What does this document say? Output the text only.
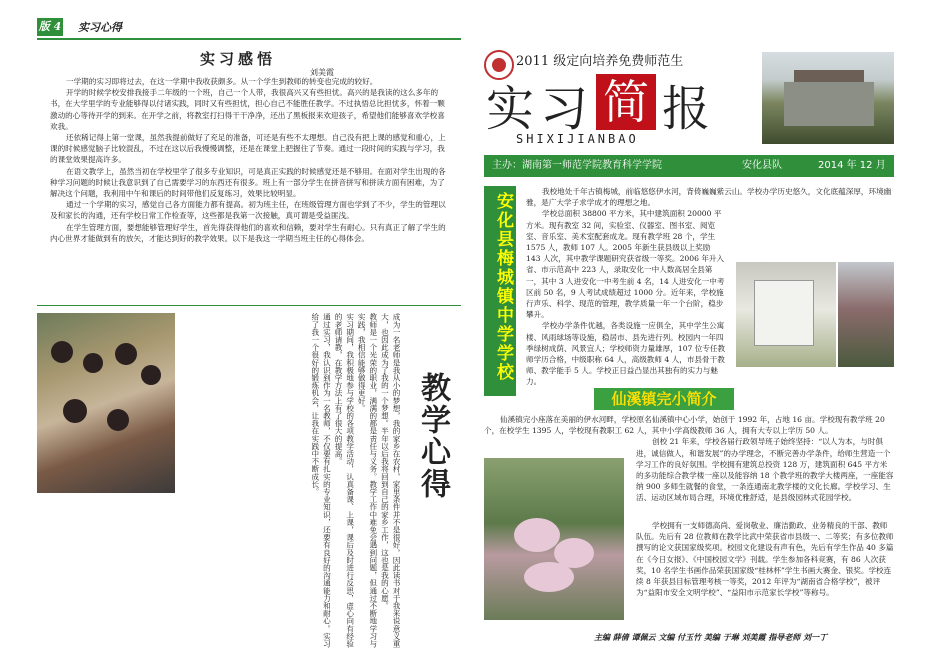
版 4 实习心得
实习感悟
刘美霞

一学期的实习即将过去，在这一学期中我收获颇多。从一个学生到教师的转变也完成的较好。

开学的时候学校安排我接手二年级的一个班，自己一个人带，我很高兴又有些担忧。高兴的是我读的这么多年的书，在大学里学的专业能够得以付诸实践，同时又有些担忧，担心自己不能胜任教学。不过执悟总比担忧多，怀着一颗激动的心等待开学的到来。在开学之前，将教室打扫得干干净净，还出了黑板报来欢迎孩子，希望他们能够喜欢学校喜欢我。

还依稀记得上第一堂课，虽然我提前做好了充足的准备，可还是有些不太理想。自己没有把上课的感觉和重心，上课的时候感觉脑子比较混乱，不过在这以后我慢慢调整，还是在课堂上把握住了节奏。通过一段时间的实践与学习，我的课堂效果提高许多。

在语文教学上，虽然当初在学校里学了很多专业知识，可是真正实践的时候感觉还是不够用。在面对学生出现的各种学习问题的时候让我意识到了自己需要学习的东西还有很多。班上有一部分学生在拼音拼写和拼读方面有困难，为了解决这个问题，我利用中午和课后的时间带他们反复练习，效果比较明显。

通过一个学期的实习，感觉自己各方面能力都有提高。初为班主任，在班级管理方面也学到了不少，学生的管理以及和家长的沟通，还有学校日常工作检查等，这些都是我第一次接触，真可谓是受益匪浅。

在学生管理方面，要想能够管理好学生，首先得获得他们的喜欢和信赖，要对学生有耐心。只有真正了解了学生的内心世界才能做到有的放矢，才能达到好的教学效果。以下是我这一学期当班主任的心得体会。

成为一名老师是我从小的梦想，我的家乡在农村，家里条件并不是很好，因此读书对于我来说意义重大，也因此成为了我的一个梦想。半年以后我将回到自己的家乡工作，这也是我的心愿。
教师是一个光荣的职业，满满的都是责任与义务。教学工作中难免会遇到问题，但通过不断地学习与实践，我相信能够做得更好。
实习期间，我积极地参与学校的各项教学活动，认真备课、上课，课后及时进行反思，虚心向有经验的老师请教，在教学方法上有了很大的提高。
通过实习，我认识到作为一名教师，不仅要有扎实的专业知识，还要有良好的沟通能力和耐心。实习给了我一个很好的锻炼机会，让我在实践中不断成长。	教学心得
2011 级定向培养免费师范生
实习 简 报
SHIXIJIANBAO
主办：湖南第一师范学院教育科学学院	安化县队	2014 年 12 月
安化县梅城镇中学学校

我校地处千年古镇梅城，前临悠悠伊水河，背倚巍巍紫云山。学校办学历史悠久，文化底蕴深厚，环境幽雅，是广大学子求学成才的理想之地。

学校总面积 38800 平方米，其中建筑面积 20000 平方米。现有教室 32 间，实验室、仪器室、图书室、阅览室、音乐室、美术室配套成龙。现有教学班 28 个，学生 1575 人，教师 107 人。2005 年新生获县级以上奖励 143 人次，其中教学课题研究获省级一等奖。2006 年升入省、市示范高中 223 人，录取安化一中人数高居全县第一，其中 3 人进安化一中考生前 4 名，14 人进安化一中考区前 50 名，9 人考试成绩超过 1000 分。近年来，学校施行声乐、科学、现范的管理，教学质量一年一个台阶，稳步攀升。

学校办学条件优越，各类设施一应俱全，其中学生公寓楼、风雨球场等设施，稳居市、县先进行列。校园内一年四季绿树成荫、风景宜人；学校师资力量雄厚，107 位专任教师学历合格，中级职称 64 人，高级教师 4 人，市县骨干教师、教学能手 5 人。学校正日益凸显出其独有的实力与魅力。

仙溪镇完小简介

仙溪镇完小座落在美丽的伊水河畔，学校原名仙溪镇中心小学，始创于 1992 年，占地 16 亩。学校现有教学班 20 个，在校学生 1395 人，学校现有教职工 62 人，其中小学高级教师 36 人，拥有大专以上学历 50 人。

创校 21 年来，学校各届行政领导班子始终坚持：“以人为本，与时俱进，诚信做人，和谐发展”的办学理念，不断完善办学条件，给师生营造一个学习工作的良好氛围。学校拥有建筑总投资 128 万，建筑面积 645 平方米的多功能综合教学楼一座以及能容纳 18 个教学班的教学大楼两座，一座能容纳 900 多师生就餐的食堂，一条连通南北教学楼的文化长廊。学校学习、生活、运动区域布局合理，环境优雅舒适，是县级园林式花园学校。

学校拥有一支师德高尚、爱岗敬业、廉洁勤政、业务精良的干部、教师队伍。先后有 28 位教师在教学比武中荣获省市县级一、二等奖；有多位教师撰写的论文获国家级奖项。校园文化建设有声有色，先后有学生作品 40 多篇在《今日女报》、《中国校园文学》刊载。学生参加各科竞赛，有 86 人次获奖，10 名学生书画作品荣获国家级“桂林杯”学生书画大赛金、银奖。学校连续 8 年获县目标管理考核一等奖，2012 年评为“湖南省合格学校”，被评为“益阳市安全文明学校”、“益阳市示范家长学校”等称号。

主编 薛倩 谭佩云 文编 付玉竹 美编 于琳 刘美霞 指导老师 刘一丁
